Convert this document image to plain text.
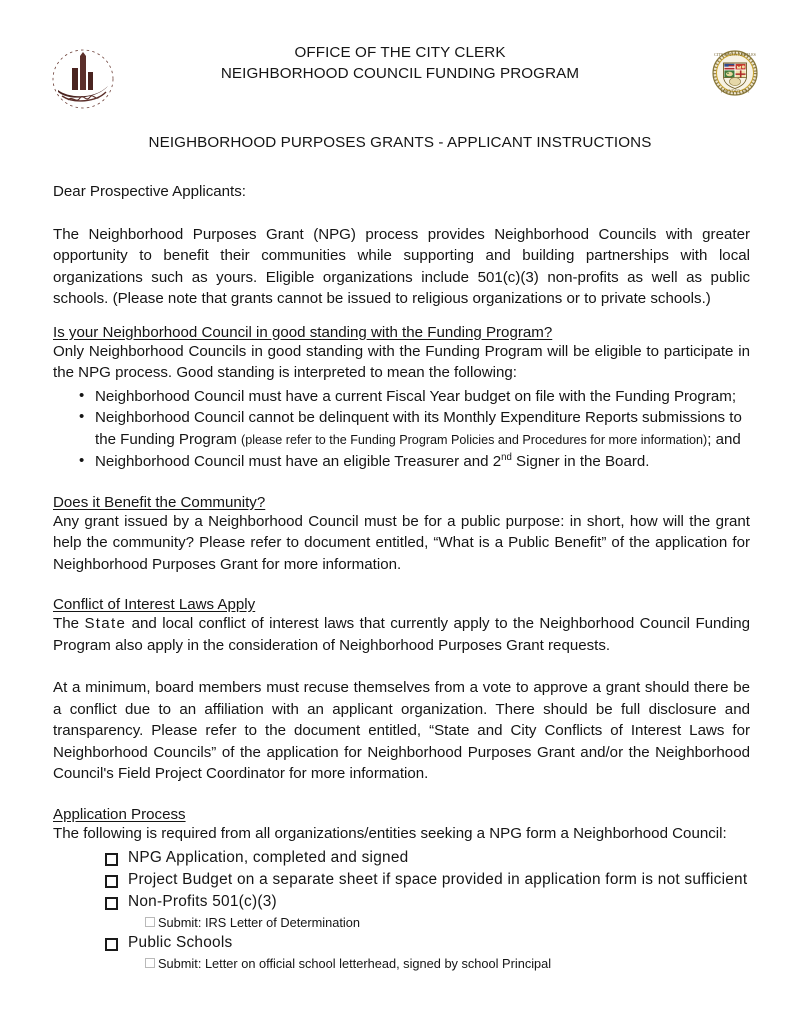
FOUNDED 1781
CITY OF LOS ANGELES
OFFICE OF THE CITY CLERK
NEIGHBORHOOD COUNCIL FUNDING PROGRAM
NEIGHBORHOOD PURPOSES GRANTS - APPLICANT INSTRUCTIONS

Dear Prospective Applicants:

The Neighborhood Purposes Grant (NPG) process provides Neighborhood Councils with greater opportunity to benefit their communities while supporting and building partnerships with local organizations such as yours. Eligible organizations include 501(c)(3) non-profits as well as public schools. (Please note that grants cannot be issued to religious organizations or to private schools.)

Is your Neighborhood Council in good standing with the Funding Program?

Only Neighborhood Councils in good standing with the Funding Program will be eligible to participate in the NPG process. Good standing is interpreted to mean the following:

• Neighborhood Council must have a current Fiscal Year budget on file with the Funding Program;
• Neighborhood Council cannot be delinquent with its Monthly Expenditure Reports submissions to the Funding Program (please refer to the Funding Program Policies and Procedures for more information); and
• Neighborhood Council must have an eligible Treasurer and 2nd Signer in the Board.
Does it Benefit the Community?

Any grant issued by a Neighborhood Council must be for a public purpose: in short, how will the grant help the community? Please refer to document entitled, “What is a Public Benefit” of the application for Neighborhood Purposes Grant for more information.

Conflict of Interest Laws Apply

The State and local conflict of interest laws that currently apply to the Neighborhood Council Funding Program also apply in the consideration of Neighborhood Purposes Grant requests.

At a minimum, board members must recuse themselves from a vote to approve a grant should there be a conflict due to an affiliation with an applicant organization. There should be full disclosure and transparency. Please refer to the document entitled, “State and City Conflicts of Interest Laws for Neighborhood Councils” of the application for Neighborhood Purposes Grant and/or the Neighborhood Council's Field Project Coordinator for more information.

Application Process

The following is required from all organizations/entities seeking a NPG form a Neighborhood Council:

NPG Application, completed and signed
Project Budget on a separate sheet if space provided in application form is not sufficient
Non-Profits 501(c)(3)
Submit: IRS Letter of Determination
Public Schools
Submit: Letter on official school letterhead, signed by school Principal
